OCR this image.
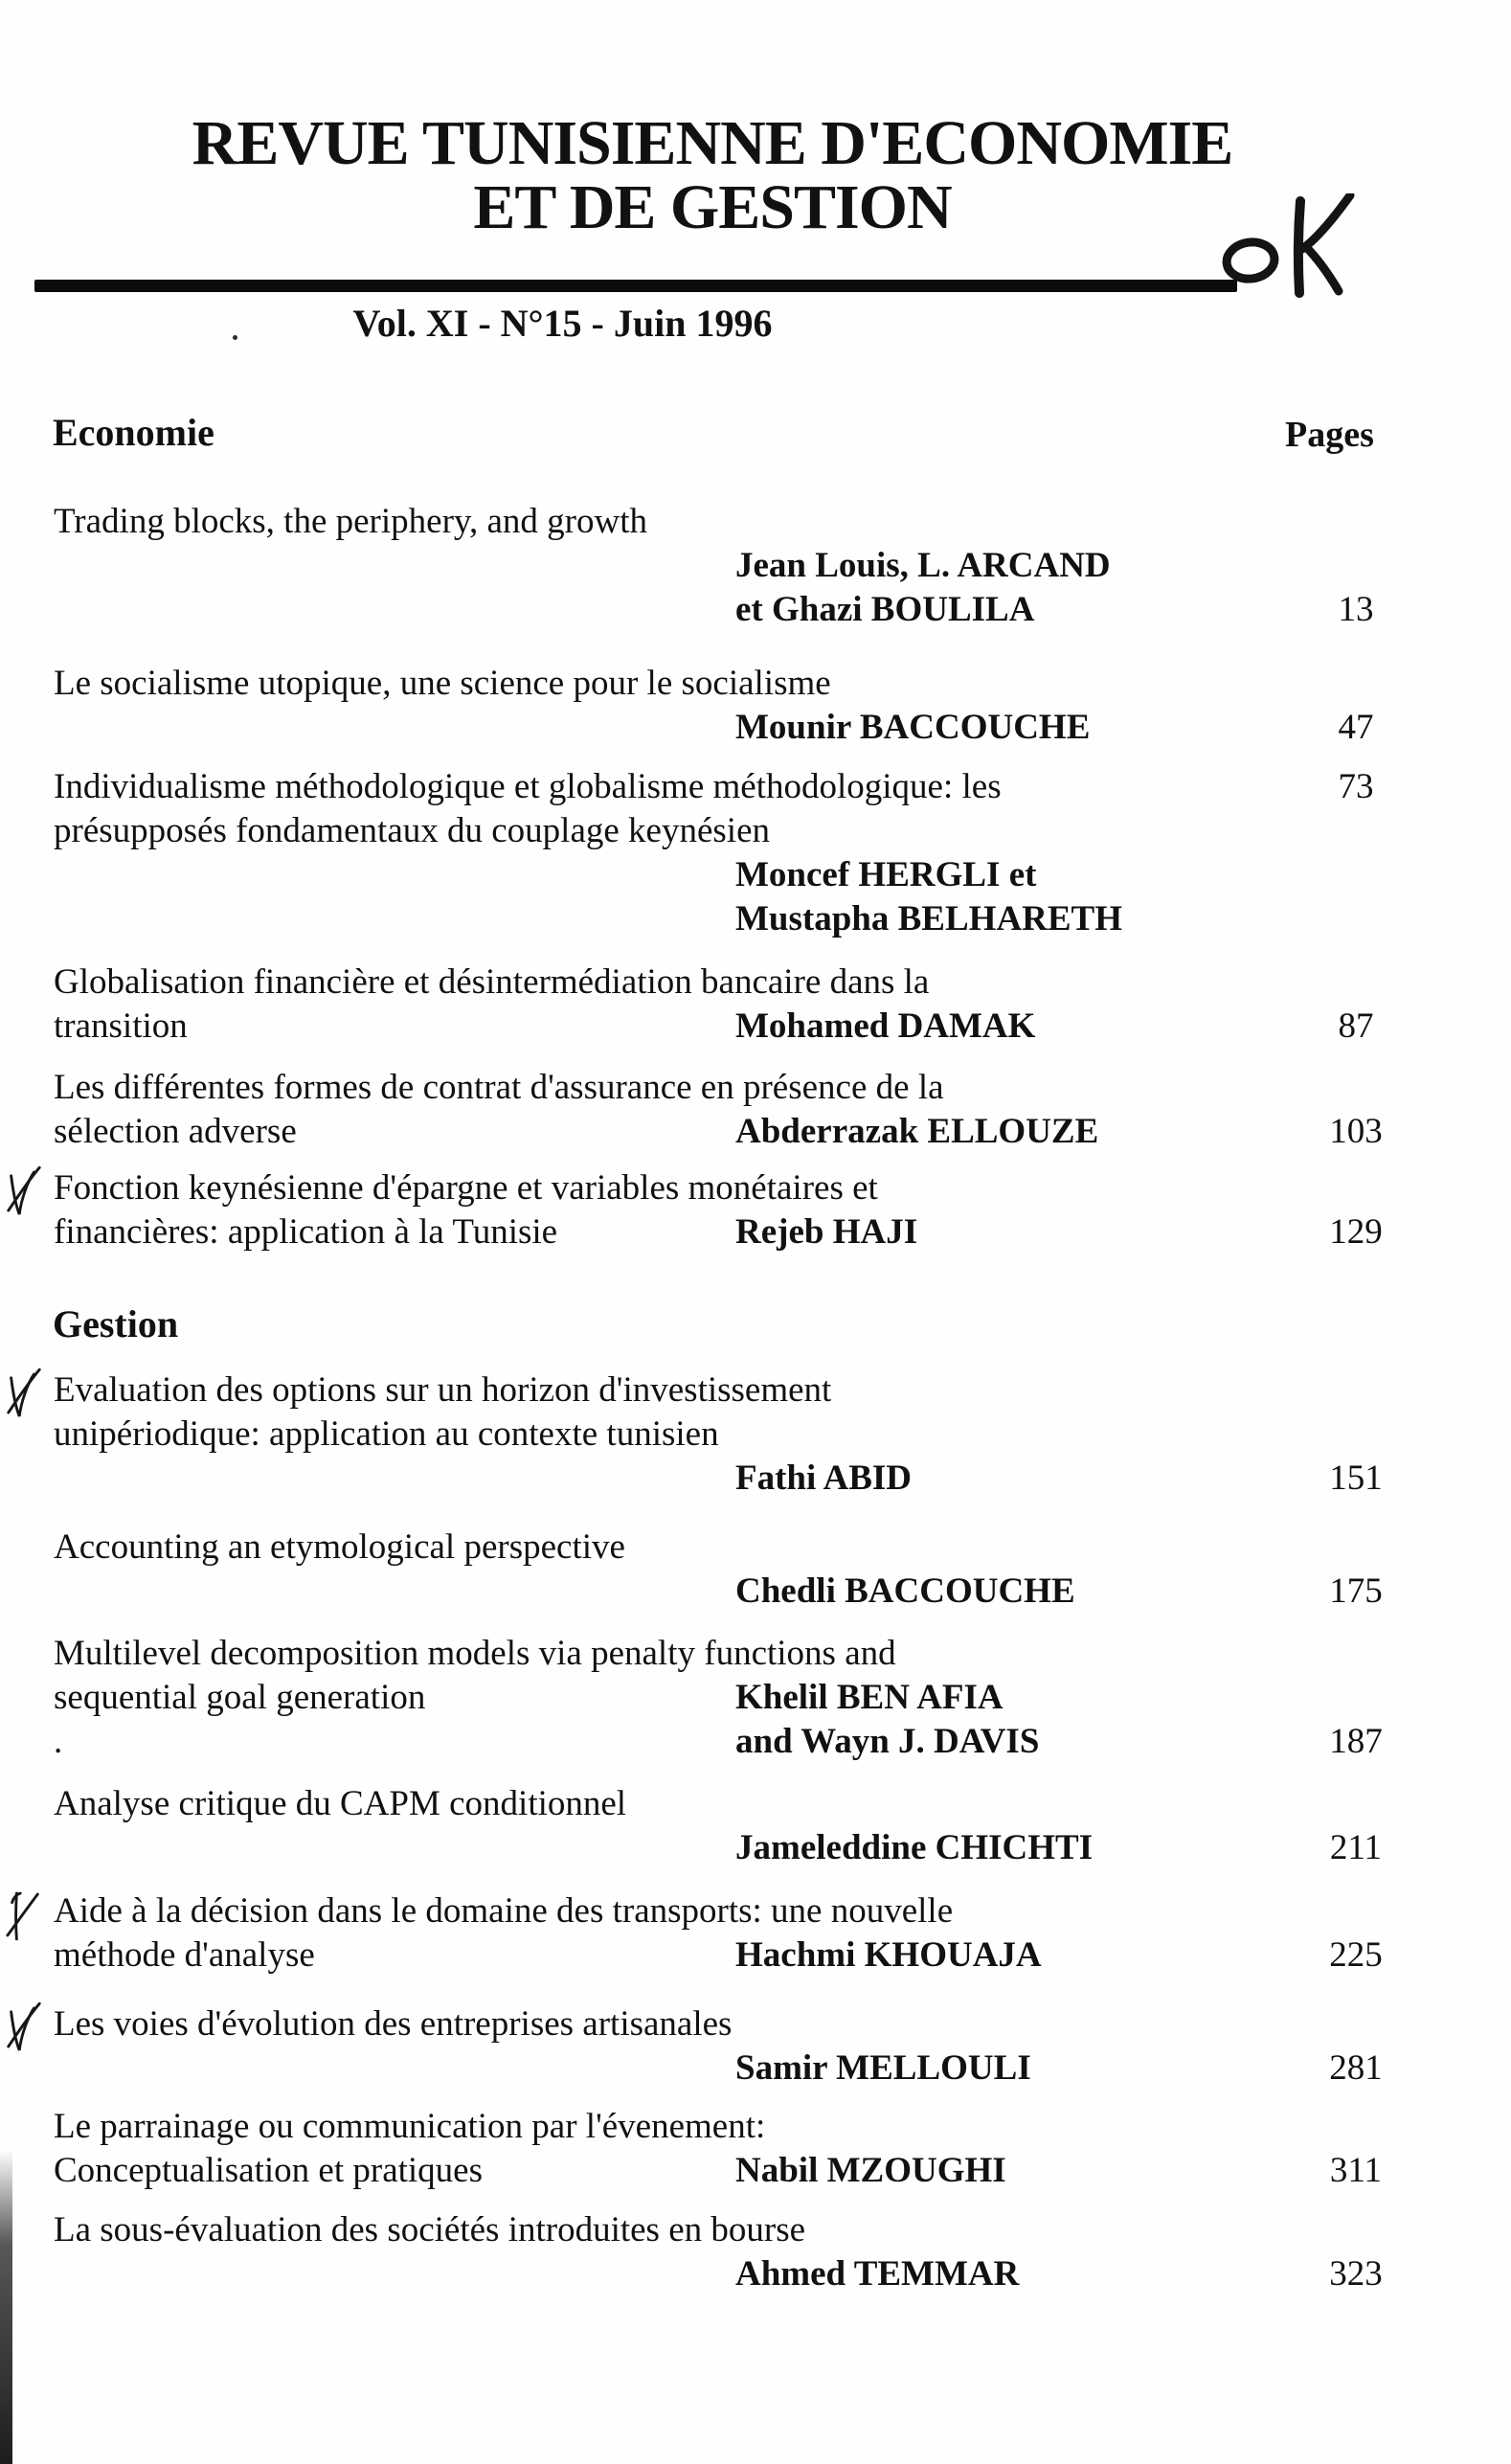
REVUE TUNISIENNE D'ECONOMIE
ET DE GESTION
Vol. XI - N°15 - Juin 1996
Economie	Pages
Trading blocks, the periphery, and growth
Jean Louis, L. ARCAND
et Ghazi BOULILA	13
Le socialisme utopique, une science pour le socialisme
Mounir BACCOUCHE	47
Individualisme méthodologique et globalisme méthodologique: les	73
présupposés fondamentaux du couplage keynésien
Moncef HERGLI et
Mustapha BELHARETH
Globalisation financière et désintermédiation bancaire dans la
transition	Mohamed DAMAK	87
Les différentes formes de contrat d'assurance en présence de la
sélection adverse	Abderrazak ELLOUZE	103
Fonction keynésienne d'épargne et variables monétaires et
financières: application à la Tunisie	Rejeb HAJI	129
Gestion
Evaluation des options sur un horizon d'investissement
unipériodique: application au contexte tunisien
Fathi ABID	151
Accounting an etymological perspective
Chedli BACCOUCHE	175
Multilevel decomposition models via penalty functions and
sequential goal generation	Khelil BEN AFIA
.	and Wayn J. DAVIS	187
Analyse critique du CAPM conditionnel
Jameleddine CHICHTI	211
Aide à la décision dans le domaine des transports: une nouvelle
méthode d'analyse	Hachmi KHOUAJA	225
Les voies d'évolution des entreprises artisanales
Samir MELLOULI	281
Le parrainage ou communication par l'évenement:
Conceptualisation et pratiques	Nabil MZOUGHI	311
La sous-évaluation des sociétés introduites en bourse
Ahmed TEMMAR	323
